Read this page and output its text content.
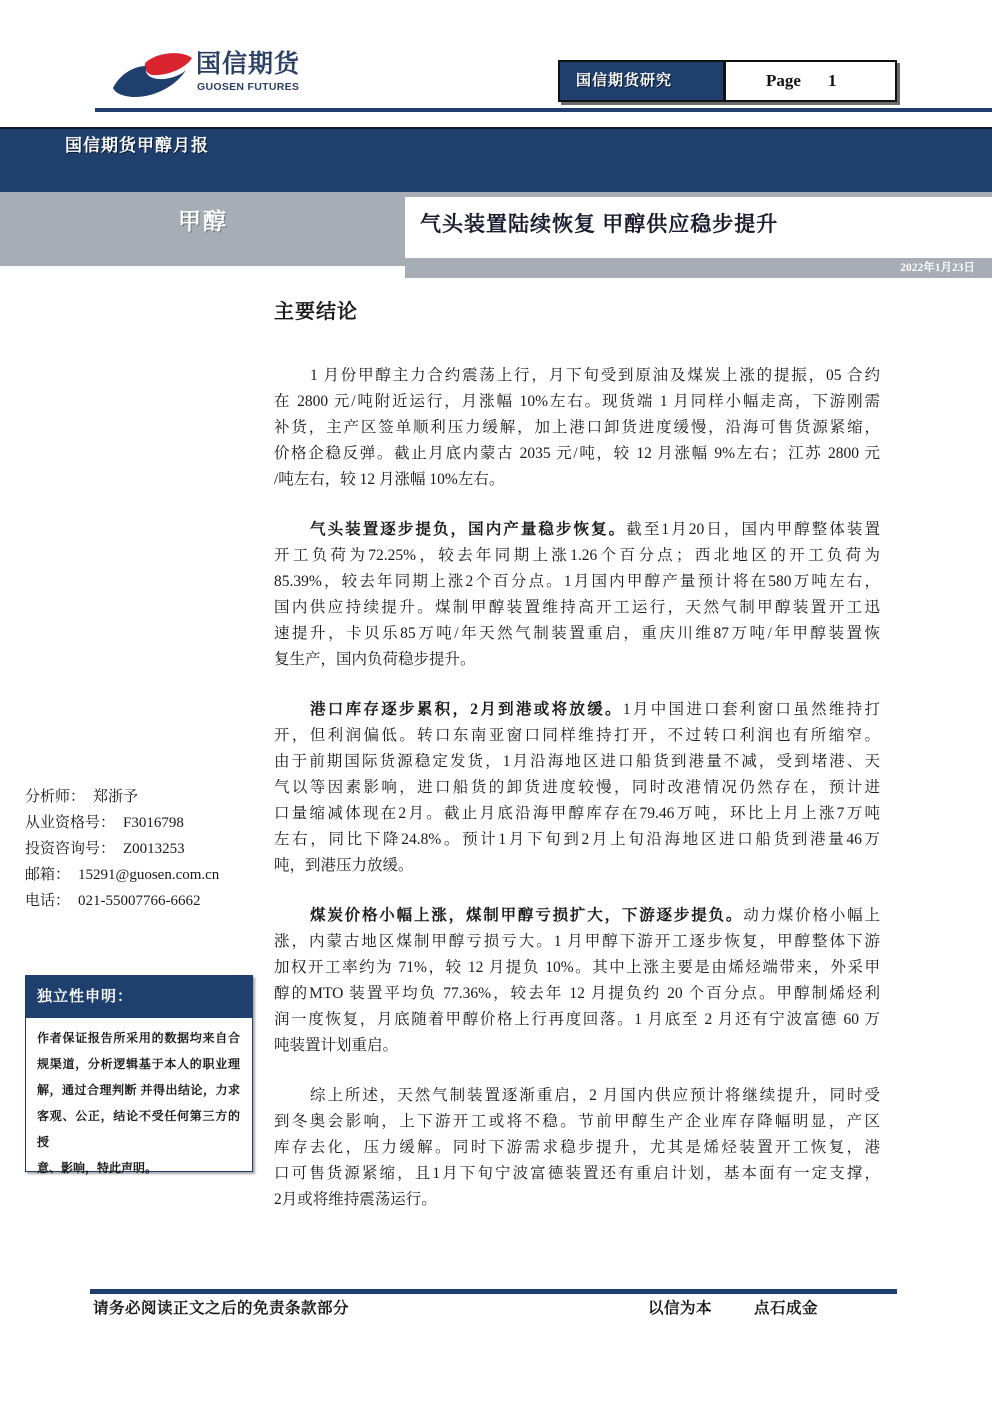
国信期货
GUOSEN FUTURES	国信期货研究	Page 1
国信期货甲醇月报
甲醇	气头装置陆续恢复 甲醇供应稳步提升
2022年1月23日
主要结论
1 月份甲醇主力合约震荡上行，月下旬受到原油及煤炭上涨的提振，05 合约
在 2800 元/吨附近运行，月涨幅 10%左右。现货端 1 月同样小幅走高，下游刚需
补货，主产区签单顺利压力缓解，加上港口卸货进度缓慢，沿海可售货源紧缩，
价格企稳反弹。截止月底内蒙古 2035 元/吨，较 12 月涨幅 9%左右；江苏 2800 元
/吨左右，较 12 月涨幅 10%左右。
气头装置逐步提负，国内产量稳步恢复。截至1月20日，国内甲醇整体装置
开工负荷为72.25%，较去年同期上涨1.26个百分点；西北地区的开工负荷为
85.39%，较去年同期上涨2个百分点。1月国内甲醇产量预计将在580万吨左右，
国内供应持续提升。煤制甲醇装置维持高开工运行，天然气制甲醇装置开工迅
速提升，卡贝乐85万吨/年天然气制装置重启，重庆川维87万吨/年甲醇装置恢
复生产，国内负荷稳步提升。
港口库存逐步累积，2月到港或将放缓。1月中国进口套利窗口虽然维持打
开，但利润偏低。转口东南亚窗口同样维持打开，不过转口利润也有所缩窄。
由于前期国际货源稳定发货，1月沿海地区进口船货到港量不减，受到堵港、天
气以等因素影响，进口船货的卸货进度较慢，同时改港情况仍然存在，预计进
口量缩减体现在2月。截止月底沿海甲醇库存在79.46万吨，环比上月上涨7万吨
左右，同比下降24.8%。预计1月下旬到2月上旬沿海地区进口船货到港量46万
吨，到港压力放缓。
煤炭价格小幅上涨，煤制甲醇亏损扩大，下游逐步提负。动力煤价格小幅上
涨，内蒙古地区煤制甲醇亏损亏大。1 月甲醇下游开工逐步恢复，甲醇整体下游
加权开工率约为 71%，较 12 月提负 10%。其中上涨主要是由烯烃端带来，外采甲
醇的MTO 装置平均负 77.36%，较去年 12 月提负约 20 个百分点。甲醇制烯烃利
润一度恢复，月底随着甲醇价格上行再度回落。1 月底至 2 月还有宁波富德 60 万
吨装置计划重启。
综上所述，天然气制装置逐渐重启，2 月国内供应预计将继续提升，同时受
到冬奥会影响，上下游开工或将不稳。节前甲醇生产企业库存降幅明显，产区
库存去化，压力缓解。同时下游需求稳步提升，尤其是烯烃装置开工恢复，港
口可售货源紧缩，且1月下旬宁波富德装置还有重启计划，基本面有一定支撑，
2月或将维持震荡运行。
分析师： 郑浙予
从业资格号： F3016798
投资咨询号： Z0013253
邮箱： 15291@guosen.com.cn
电话： 021-55007766-6662
独立性申明：
作者保证报告所采用的数据均来自合
规渠道，分析逻辑基于本人的职业理
解，通过合理判断 并得出结论，力求
客观、公正，结论不受任何第三方的授
意、影响，特此声明。
请务必阅读正文之后的免责条款部分	以信为本	点石成金
